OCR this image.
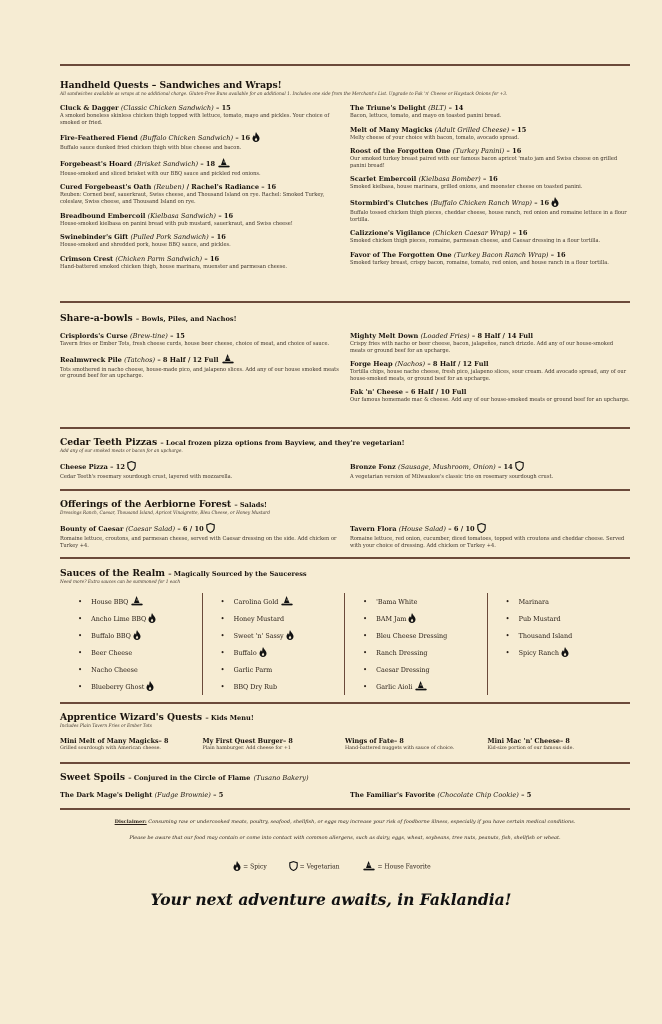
Handheld Quests – Sandwiches and Wraps!
All sandwiches available as wraps at no additional charge. Gluten-Free Buns available for an additional 1. Includes one side from the Merchant's List. Upgrade to Fak 'n' Cheese or Haystack Onions for +3.
Cluck & Dagger (Classic Chicken Sandwich) – 15
A smoked boneless skinless chicken thigh topped with lettuce, tomato, mayo and pickles. Your choice of smoked or fried.
Fire-Feathered Fiend (Buffalo Chicken Sandwich) – 16
Buffalo sauce dunked fried chicken thigh with blue cheese and bacon.
Forgebeast's Hoard (Brisket Sandwich) – 18
House-smoked and sliced brisket with our BBQ sauce and pickled red onions.
Cured Forgebeast's Oath (Reuben) / Rachel's Radiance – 16
Reuben: Corned beef, sauerkraut, Swiss cheese, and Thousand Island on rye. Rachel: Smoked Turkey, coleslaw, Swiss cheese, and Thousand Island on rye.
Breadbound Embercoil (Kielbasa Sandwich) – 16
House-smoked kielbasa on panini bread with pub mustard, sauerkraut, and Swiss cheese!
Swinebinder's Gift (Pulled Pork Sandwich) – 16
House-smoked and shredded pork, house BBQ sauce, and pickles.
Crimson Crest (Chicken Parm Sandwich) – 16
Hand-battered smoked chicken thigh, house marinara, muenster and parmesan cheese.
The Triune's Delight (BLT) – 14
Bacon, lettuce, tomato, and mayo on toasted panini bread.
Melt of Many Magicks (Adult Grilled Cheese) – 15
Melty cheese of your choice with bacon, tomato, avocado spread.
Roost of the Forgotten One (Turkey Panini) – 16
Our smoked turkey breast paired with our famous bacon apricot 'mato jam and Swiss cheese on grilled panini bread!
Scarlet Embercoil (Kielbasa Bomber) – 16
Smoked kielbasa, house marinara, grilled onions, and moonster cheese on toasted panini.
Stormbird's Clutches (Buffalo Chicken Ranch Wrap) – 16
Buffalo tossed chicken thigh pieces, cheddar cheese, house ranch, red onion and romaine lettuce in a flour tortilla.
Calizzione's Vigilance (Chicken Caesar Wrap) – 16
Smoked chicken thigh pieces, romaine, parmesan cheese, and Caesar dressing in a flour tortilla.
Favor of The Forgotten One (Turkey Bacon Ranch Wrap) – 16
Smoked turkey breast, crispy bacon, romaine, tomato, red onion, and house ranch in a flour tortilla.
Share-a-bowls – Bowls, Piles, and Nachos!
Crisplords's Curse (Brew-tine) – 15
Tavern fries or Ember Tots, fresh cheese curds, house beer cheese, choice of meat, and choice of sauce.
Realmwreck Pile (Tatchos) – 8 Half / 12 Full
Tots smothered in nacho cheese, house-made pico, and jalapeno slices. Add any of our house smoked meats or ground beef for an upcharge.
Mighty Melt Down (Loaded Fries) – 8 Half / 14 Full
Crispy fries with nacho or beer cheese, bacon, jalapeños, ranch drizzle. Add any of our house-smoked meats or ground beef for an upcharge.
Forge Heap (Nachos) – 8 Half / 12 Full
Tortilla chips, house nacho cheese, fresh pico, jalapeno slices, sour cream. Add avocado spread, any of our house-smoked meats, or ground beef for an upcharge.
Fak 'n' Cheese – 6 Half / 10 Full
Our famous homemade mac & cheese. Add any of our house-smoked meats or ground beef for an upcharge.
Cedar Teeth Pizzas – Local frozen pizza options from Bayview, and they're vegetarian!
Add any of our smoked meats or bacon for an upcharge.
Cheese Pizza – 12
Cedar Teeth's rosemary sourdough crust, layered with mozzarella.
Bronze Fonz (Sausage, Mushroom, Onion) – 14
A vegetarian version of Milwaukee's classic trio on rosemary sourdough crust.
Offerings of the Aerbiorne Forest – Salads!
Dressings Ranch, Caesar, Thousand Island, Apricot Vinaigrette, Bleu Cheese, or Honey Mustard
Bounty of Caesar (Caesar Salad) – 6 / 10
Romaine lettuce, croutons, and parmesan cheese, served with Caesar dressing on the side. Add chicken or Turkey +4.
Tavern Flora (House Salad) – 6 / 10
Romaine lettuce, red onion, cucumber, diced tomatoes, topped with croutons and cheddar cheese. Served with your choice of dressing. Add chicken or Turkey +4.
Sauces of the Realm – Magically Sourced by the Sauceress
Need more? Extra sauces can be summoned for 1 each
• House BBQ
• Ancho Lime BBQ
• Buffalo BBQ
• Beer Cheese
• Nacho Cheese
• Blueberry Ghost
• Carolina Gold
• Honey Mustard
• Sweet 'n' Sassy
• Buffalo
• Garlic Parm
• BBQ Dry Rub
• 'Bama White
• BAM Jam
• Bleu Cheese Dressing
• Ranch Dressing
• Caesar Dressing
• Garlic Aioli
• Marinara
• Pub Mustard
• Thousand Island
• Spicy Ranch
Apprentice Wizard's Quests – Kids Menu!
Includes Plain Tavern Fries or Ember Tots
Mini Melt of Many Magicks– 8
Grilled sourdough with American cheese.
My First Quest Burger– 8
Plain hamburger. Add cheese for +1
Wings of Fate– 8
Hand-battered nuggets with sauce of choice.
Mini Mac 'n' Cheese– 8
Kid-size portion of our famous side.
Sweet Spoils – Conjured in the Circle of Flame (Tusano Bakery)
The Dark Mage's Delight (Fudge Brownie) – 5	The Familiar's Favorite (Chocolate Chip Cookie) – 5
Disclaimer: Consuming raw or undercooked meats, poultry, seafood, shellfish, or eggs may increase your risk of foodborne illness, especially if you have certain medical conditions.
Please be aware that our food may contain or come into contact with common allergens, such as dairy, eggs, wheat, soybeans, tree nuts, peanuts, fish, shellfish or wheat.
= Spicy	= Vegetarian	= House Favorite
Your next adventure awaits, in Faklandia!
